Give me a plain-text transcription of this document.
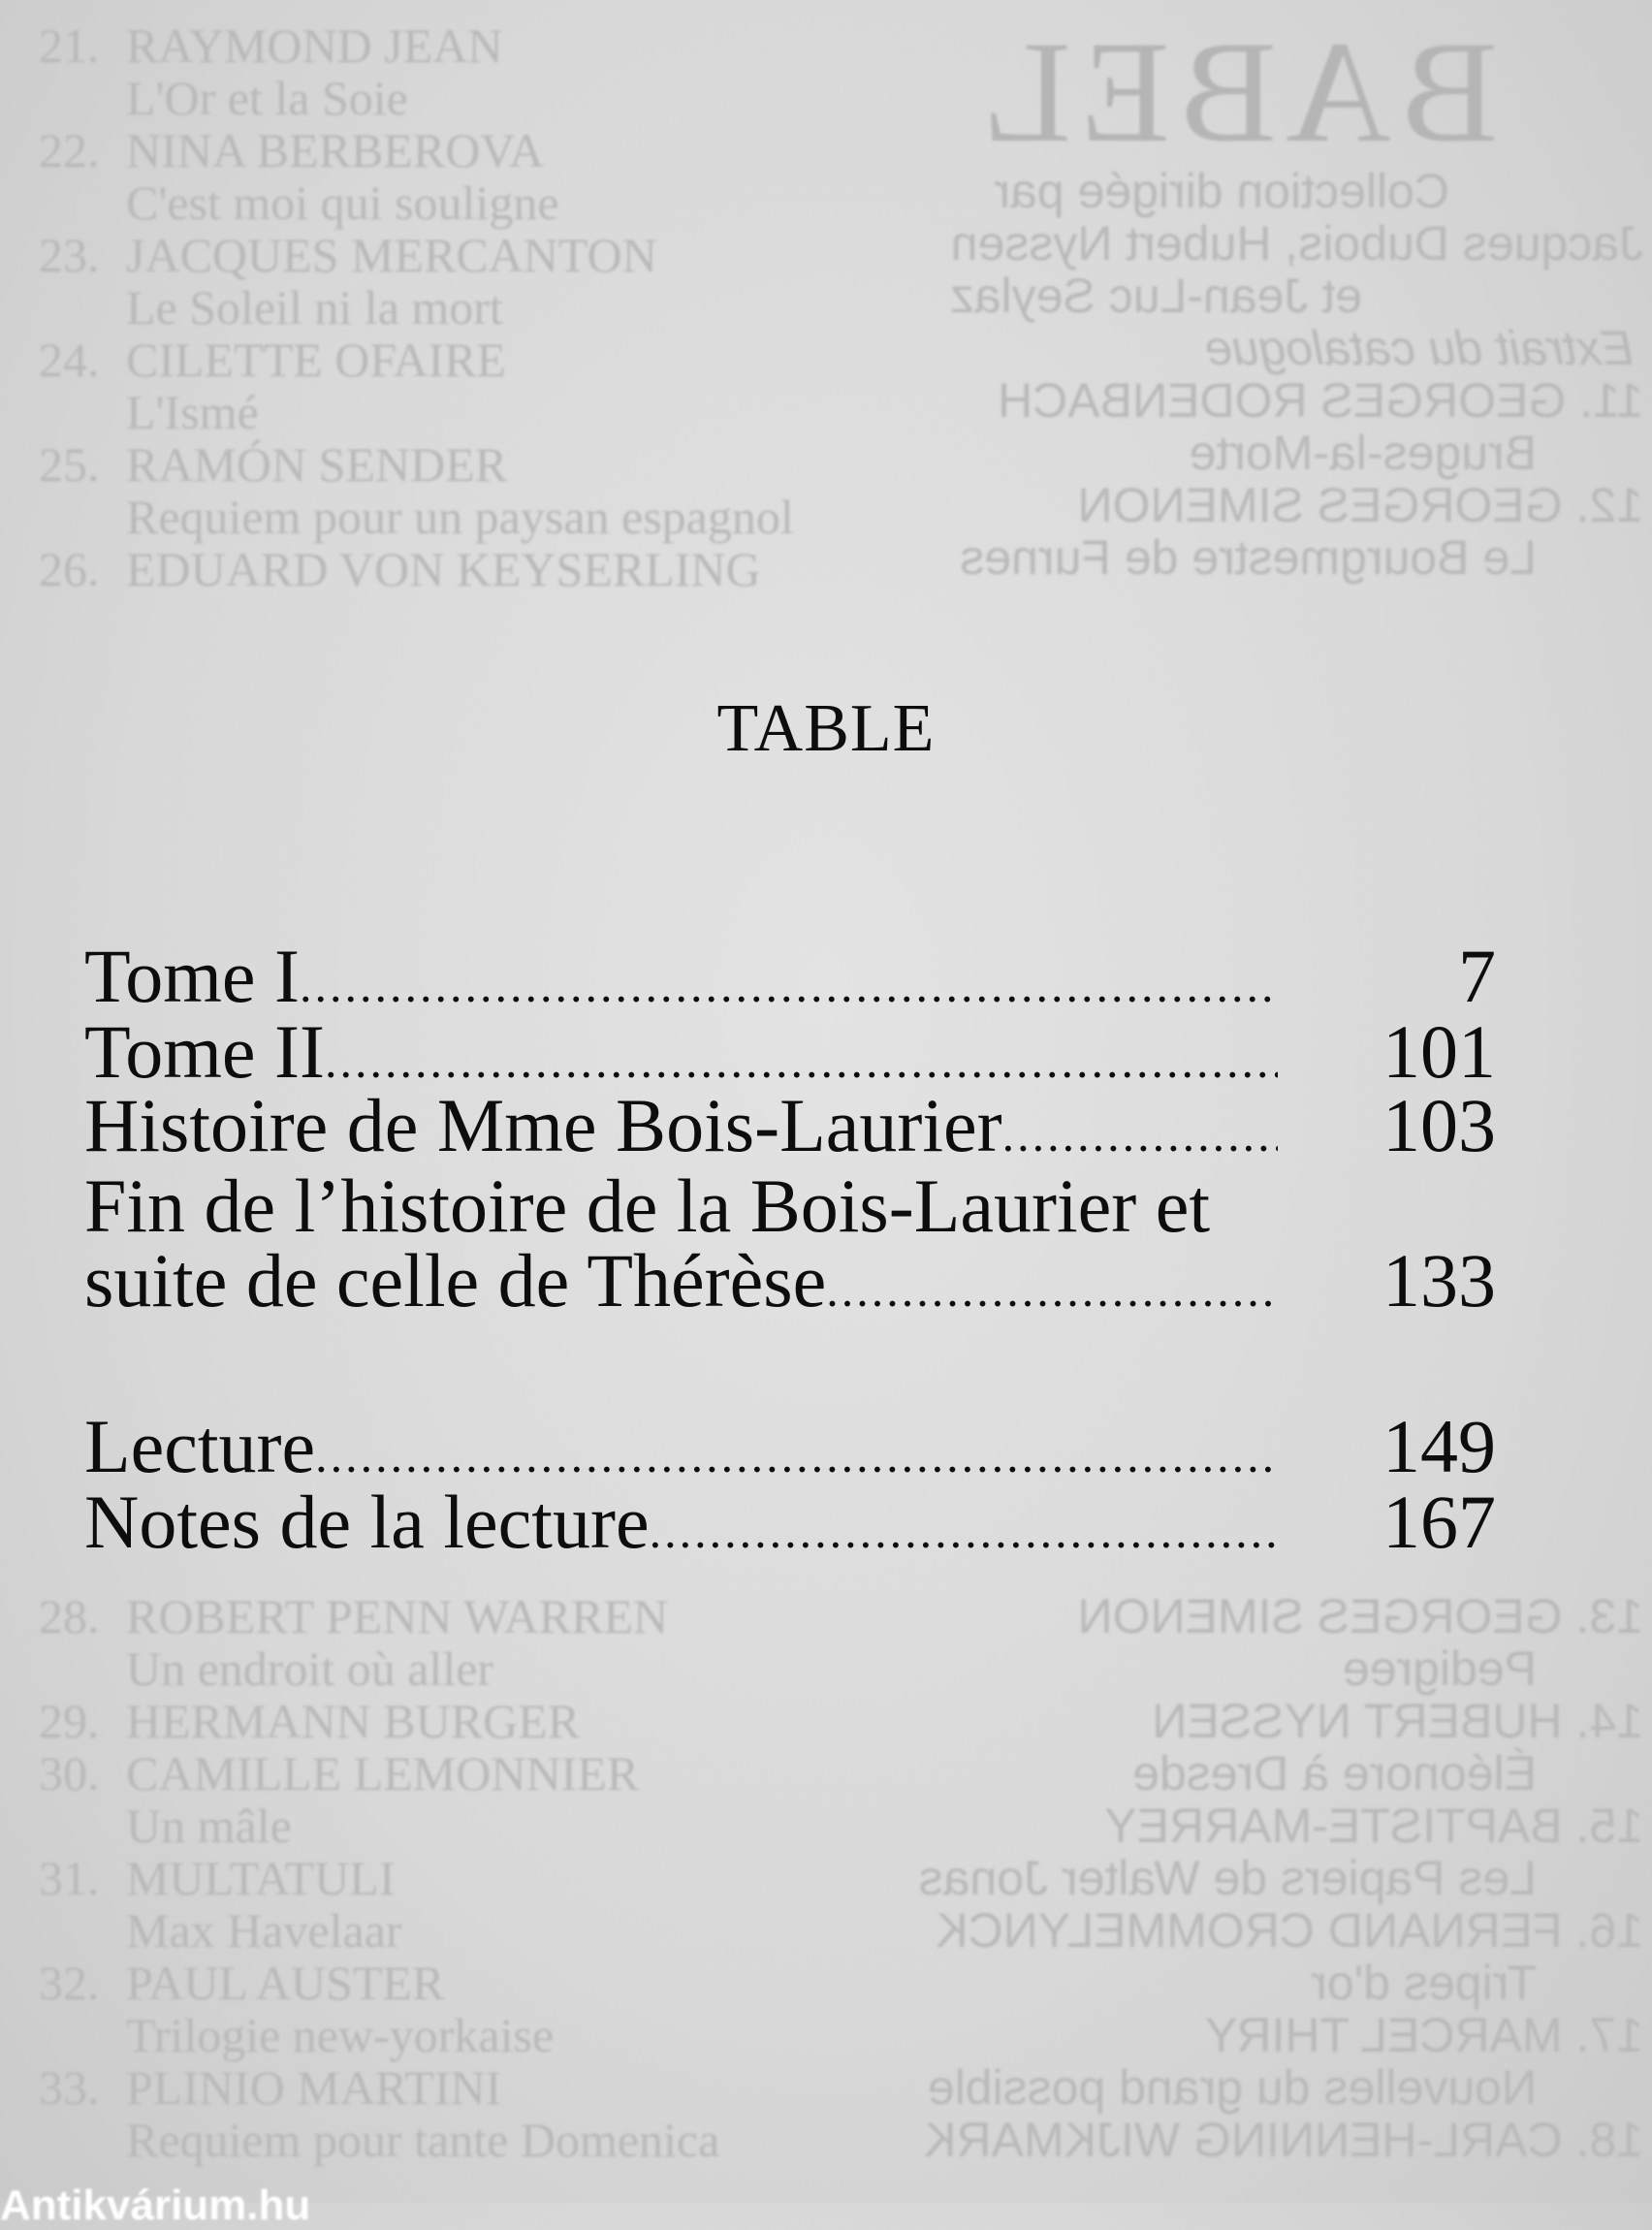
21. RAYMOND JEAN
L'Or et la Soie
22. NINA BERBEROVA
C'est moi qui souligne
23. JACQUES MERCANTON
Le Soleil ni la mort
24. CILETTE OFAIRE
L'Ismé
25. RAMÓN SENDER
Requiem pour un paysan espagnol
26. EDUARD VON KEYSERLING
BABEL
Collection dirigée par
Jacques Dubois, Hubert Nyssen
et Jean-Luc Seylaz
Extrait du catalogue
11. GEORGES RODENBACH
Bruges-la-Morte
12. GEORGES SIMENON
Le Bourgmestre de Furnes
TABLE
Tome I .....	7
Tome II .....	101
Histoire de Mme Bois-Laurier .....	103
Fin de l’histoire de la Bois-Laurier et
suite de celle de Thérèse .....	133
Lecture .....	149
Notes de la lecture .....	167
28. ROBERT PENN WARREN
Un endroit où aller
29. HERMANN BURGER
30. CAMILLE LEMONNIER
Un mâle
31. MULTATULI
Max Havelaar
32. PAUL AUSTER
Trilogie new-yorkaise
33. PLINIO MARTINI
Requiem pour tante Domenica
13. GEORGES SIMENON
Pedigree
14. HUBERT NYSSEN
Éléonore à Dresde
15. BAPTISTE-MARREY
Les Papiers de Walter Jonas
16. FERNAND CROMMELYNCK
Tripes d'or
17. MARCEL THIRY
Nouvelles du grand possible
18. CARL-HENNING WIJKMARK
Antikvárium.hu
